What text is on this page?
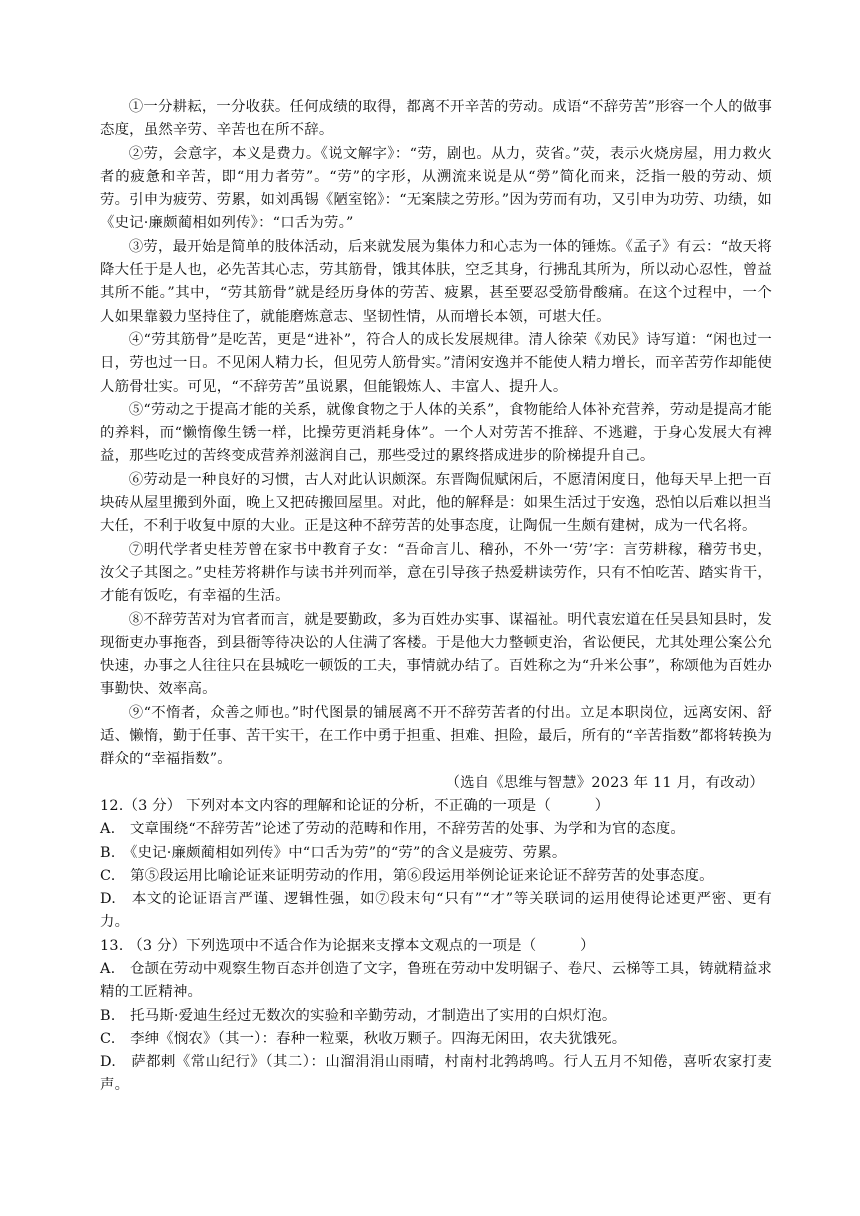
①一分耕耘，一分收获。任何成绩的取得，都离不开辛苦的劳动。成语“不辞劳苦”形容一个人的做事态度，虽然辛劳、辛苦也在所不辞。

②劳，会意字，本义是费力。《说文解字》：“劳，剧也。从力，荧省。”荧，表示火烧房屋，用力救火者的疲惫和辛苦，即“用力者劳”。“劳”的字形，从溯流来说是从“勞”简化而来，泛指一般的劳动、烦劳。引申为疲劳、劳累，如刘禹锡《陋室铭》：“无案牍之劳形。”因为劳而有功，又引申为功劳、功绩，如《史记·廉颇蔺相如列传》：“口舌为劳。”

③劳，最开始是简单的肢体活动，后来就发展为集体力和心志为一体的锤炼。《孟子》有云：“故天将降大任于是人也，必先苦其心志，劳其筋骨，饿其体肤，空乏其身，行拂乱其所为，所以动心忍性，曾益其所不能。”其中，“劳其筋骨”就是经历身体的劳苦、疲累，甚至要忍受筋骨酸痛。在这个过程中，一个人如果靠毅力坚持住了，就能磨炼意志、坚韧性情，从而增长本领，可堪大任。

④“劳其筋骨”是吃苦，更是“进补”，符合人的成长发展规律。清人徐荣《劝民》诗写道：“闲也过一日，劳也过一日。不见闲人精力长，但见劳人筋骨实。”清闲安逸并不能使人精力增长，而辛苦劳作却能使人筋骨壮实。可见，“不辞劳苦”虽说累，但能锻炼人、丰富人、提升人。

⑤“劳动之于提高才能的关系，就像食物之于人体的关系”，食物能给人体补充营养，劳动是提高才能的养料，而“懒惰像生锈一样，比操劳更消耗身体”。一个人对劳苦不推辞、不逃避，于身心发展大有裨益，那些吃过的苦终变成营养剂滋润自己，那些受过的累终搭成进步的阶梯提升自己。

⑥劳动是一种良好的习惯，古人对此认识颇深。东晋陶侃赋闲后，不愿清闲度日，他每天早上把一百块砖从屋里搬到外面，晚上又把砖搬回屋里。对此，他的解释是：如果生活过于安逸，恐怕以后难以担当大任，不利于收复中原的大业。正是这种不辞劳苦的处事态度，让陶侃一生颇有建树，成为一代名将。

⑦明代学者史桂芳曾在家书中教育子女：“吾命言儿、稽孙，不外一‘劳’字：言劳耕稼，稽劳书史，汝父子其图之。”史桂芳将耕作与读书并列而举，意在引导孩子热爱耕读劳作，只有不怕吃苦、踏实肯干，才能有饭吃，有幸福的生活。

⑧不辞劳苦对为官者而言，就是要勤政，多为百姓办实事、谋福祉。明代袁宏道在任吴县知县时，发现衙吏办事拖沓，到县衙等待决讼的人住满了客楼。于是他大力整顿吏治，省讼便民，尤其处理公案公允快速，办事之人往往只在县城吃一顿饭的工夫，事情就办结了。百姓称之为“升米公事”，称颂他为百姓办事勤快、效率高。

⑨“不惰者，众善之师也。”时代图景的铺展离不开不辞劳苦者的付出。立足本职岗位，远离安闲、舒适、懒惰，勤于任事、苦干实干，在工作中勇于担重、担难、担险，最后，所有的“辛苦指数”都将转换为群众的“幸福指数”。

（选自《思维与智慧》2023 年 11 月，有改动）

12.（3 分） 下列对本文内容的理解和论证的分析，不正确的一项是（　　　）

A.　文章围绕“不辞劳苦”论述了劳动的范畴和作用，不辞劳苦的处事、为学和为官的态度。

B.　《史记·廉颇蔺相如列传》中“口舌为劳”的“劳”的含义是疲劳、劳累。

C.　第⑤段运用比喻论证来证明劳动的作用，第⑥段运用举例论证来论证不辞劳苦的处事态度。

D.　本文的论证语言严谨、逻辑性强，如⑦段末句“只有”“才”等关联词的运用使得论述更严密、更有力。

13. （3 分）下列选项中不适合作为论据来支撑本文观点的一项是（　　　）

A.　仓颉在劳动中观察生物百态并创造了文字，鲁班在劳动中发明锯子、卷尺、云梯等工具，铸就精益求精的工匠精神。

B.　托马斯·爱迪生经过无数次的实验和辛勤劳动，才制造出了实用的白炽灯泡。

C.　李绅《悯农》（其一）：春种一粒粟，秋收万颗子。四海无闲田，农夫犹饿死。

D.　萨都剌《常山纪行》（其二）：山溜涓涓山雨晴，村南村北鹁鸪鸣。行人五月不知倦，喜听农家打麦声。
